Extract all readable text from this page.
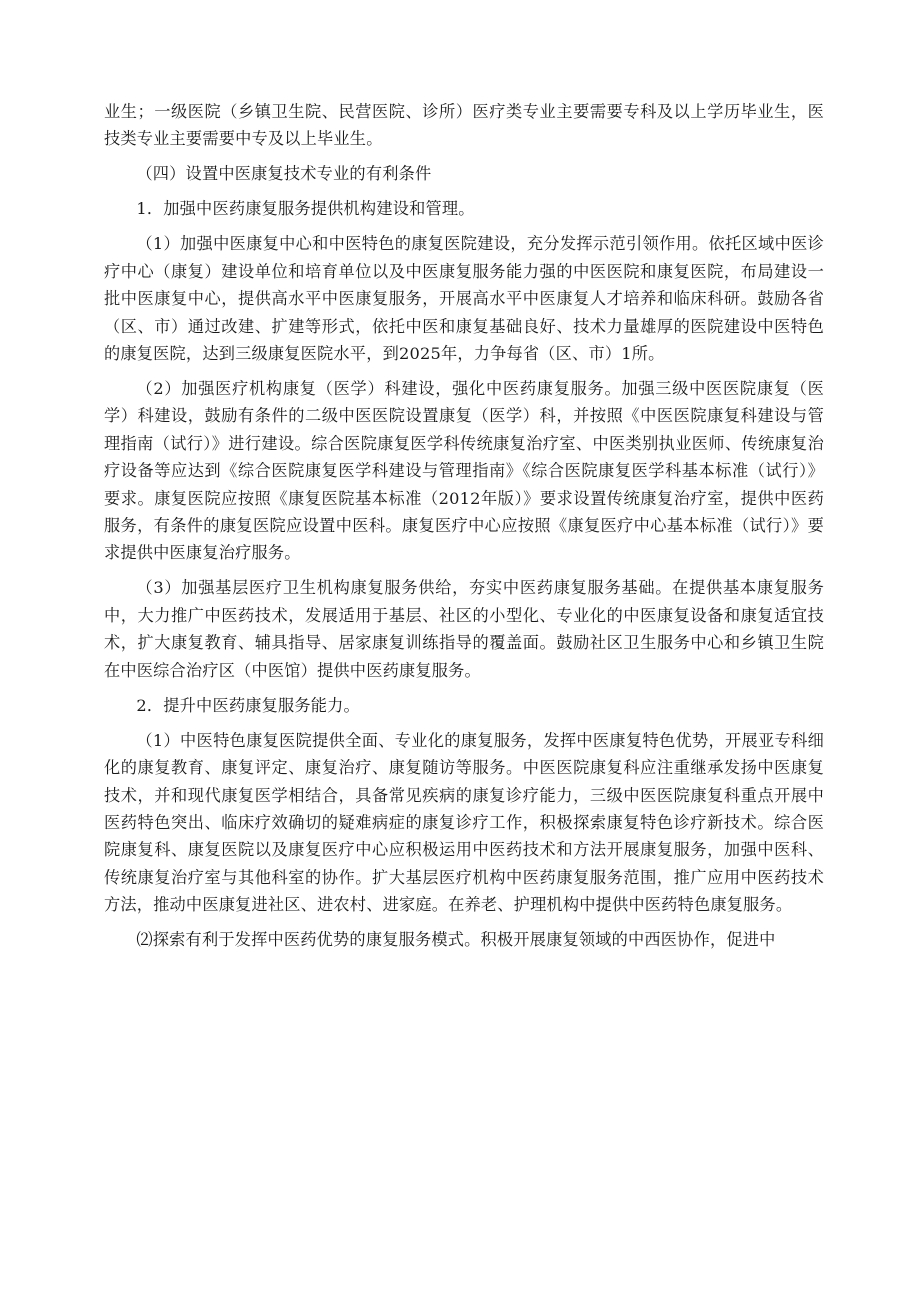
业生；一级医院（乡镇卫生院、民营医院、诊所）医疗类专业主要需要专科及以上学历毕业生，医技类专业主要需要中专及以上毕业生。

（四）设置中医康复技术专业的有利条件

1．加强中医药康复服务提供机构建设和管理。

（1）加强中医康复中心和中医特色的康复医院建设，充分发挥示范引领作用。依托区域中医诊疗中心（康复）建设单位和培育单位以及中医康复服务能力强的中医医院和康复医院，布局建设一批中医康复中心，提供高水平中医康复服务，开展高水平中医康复人才培养和临床科研。鼓励各省（区、市）通过改建、扩建等形式，依托中医和康复基础良好、技术力量雄厚的医院建设中医特色的康复医院，达到三级康复医院水平，到2025年，力争每省（区、市）1所。

（2）加强医疗机构康复（医学）科建设，强化中医药康复服务。加强三级中医医院康复（医学）科建设，鼓励有条件的二级中医医院设置康复（医学）科，并按照《中医医院康复科建设与管理指南（试行）》进行建设。综合医院康复医学科传统康复治疗室、中医类别执业医师、传统康复治疗设备等应达到《综合医院康复医学科建设与管理指南》《综合医院康复医学科基本标准（试行）》要求。康复医院应按照《康复医院基本标准（2012年版）》要求设置传统康复治疗室，提供中医药服务，有条件的康复医院应设置中医科。康复医疗中心应按照《康复医疗中心基本标准（试行）》要求提供中医康复治疗服务。

（3）加强基层医疗卫生机构康复服务供给，夯实中医药康复服务基础。在提供基本康复服务中，大力推广中医药技术，发展适用于基层、社区的小型化、专业化的中医康复设备和康复适宜技术，扩大康复教育、辅具指导、居家康复训练指导的覆盖面。鼓励社区卫生服务中心和乡镇卫生院在中医综合治疗区（中医馆）提供中医药康复服务。

2．提升中医药康复服务能力。

（1）中医特色康复医院提供全面、专业化的康复服务，发挥中医康复特色优势，开展亚专科细化的康复教育、康复评定、康复治疗、康复随访等服务。中医医院康复科应注重继承发扬中医康复技术，并和现代康复医学相结合，具备常见疾病的康复诊疗能力，三级中医医院康复科重点开展中医药特色突出、临床疗效确切的疑难病症的康复诊疗工作，积极探索康复特色诊疗新技术。综合医院康复科、康复医院以及康复医疗中心应积极运用中医药技术和方法开展康复服务，加强中医科、传统康复治疗室与其他科室的协作。扩大基层医疗机构中医药康复服务范围，推广应用中医药技术方法，推动中医康复进社区、进农村、进家庭。在养老、护理机构中提供中医药特色康复服务。

⑵探索有利于发挥中医药优势的康复服务模式。积极开展康复领域的中西医协作，促进中
